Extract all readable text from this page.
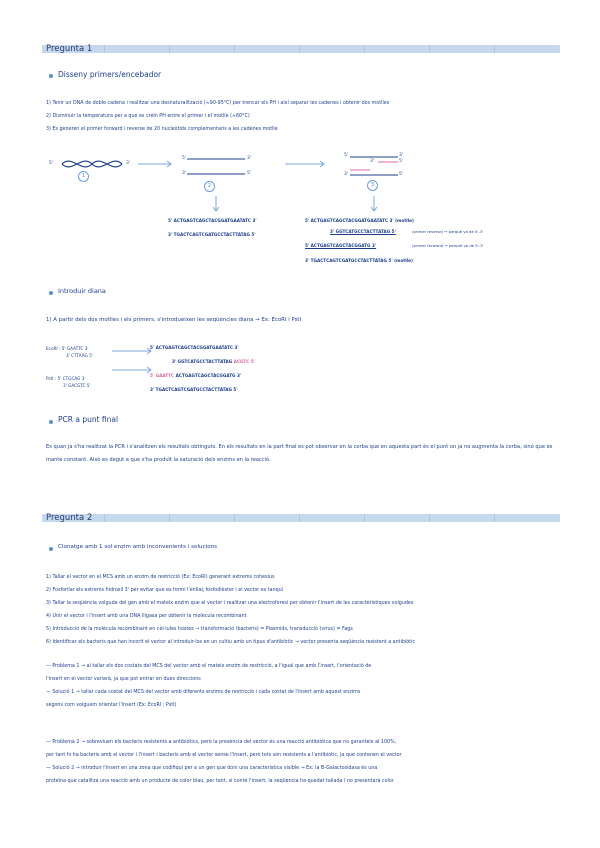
Pregunta 1
Disseny primers/encebador
1) Tenir un DNA de doble cadena i realitzar una desnaturalització (≈90-95°C) per trencar els PH i així separar les cadenes i obtenir dos motlles
2) Disminuir la temperatura per a que es creïn PH entre el primer i el motlle (≈60°C)
3) Es generen el primer forward i reverse de 20 nucleòtids complementaris a les cadenes motlle
5'	3'
1
5'	3'
3'	5'
2
5'	3'
3'	5'
3'	5'
3
5' ACTGAGTCAGCTACGGATGAATATC 3'
3' TGACTCAGTCGATGCCTACTTATAG 5'
5' ACTGAGTCAGCTACGGATGAATATC 3' (motlle)
3' GGTCATGCCTACTTATAG 5'	(primer reverse) → perquè va de 5'-3'
5' ACTGAGTCAGCTACGGATG 3'	(primer forward) → perquè va de 5'-3'
3' TGACTCAGTCGATGCCTACTTATAG 5' (motlle)
Introduir diana
1) A partir dels dos motlles i els primers, s'introdueixen les seqüències diana → Ex: EcoRI i PstI
EcoRI : 5' GAATTC 3'
3' CTTAAG 5'
PstI : 5' CTGCAG 3'
3' GACGTC 5'
5' ACTGAGTCAGCTACGGATGAATATC 3'
3' GGTCATGCCTACTTATAG ACGTC 5'
5' GAATTC ACTGAGTCAGCTACGGATG 3'
3' TGACTCAGTCGATGCCTACTTATAG 5'
PCR a punt final
Es quan ja s'ha realitzat la PCR i s'analitzen els resultats obtinguts. En els resultats en la part final es pot observar en la corba que en aquesta part és el punt on ja no augmenta la corba, sinó que es manté constant. Això es degut a que s'ha produït la saturació dels enzims en la reacció.
Pregunta 2
Clonatge amb 1 sol enzim amb inconvenients i solucions
1) Tallar el vector en el MCS amb un enzim de restricció (Ex: EcoRI) generant extrems cohesius
2) Fosforilar els extrems hidroxil 3' per evitar que es formi l'enllaç fosfodièster i el vector es tanqui
3) Tallar la seqüència volguda del gen amb el mateix enzim que el vector i realitzar una electroforesi per obtenir l'insert de les característiques volgudes
4) Unir el vector i l'insert amb una DNA lligasa per obtenir la molècula recombinant
5) Introducció de la molècula recombinant en cèl·lules hostes → transformació (bacteris) = Plasmids, transducció (virus) = Fags
6) Identificar els bacteris que han incorit el vector al introduir-los en un cultiu amb un tipus d'antibiòtic → vector presenta seqüència resistent a antibiòtic
— Problema 1 → al tallar els dos costats del MCS del vector amb el mateix enzim de restricció, a l'igual que amb l'insert, l'orientació de
l'insert en el vector variarà, ja que pot entrar en dues direccions
— Solució 1 → tallar cada costat del MCS del vector amb diferents enzims de restricció i cada costat de l'insert amb aquest enzims
segons com volguem orientar l'insert (Ex: EcoRI ; PstI)
— Problema 2 → sobreviuen els bacteris resistents a antibiòtics, però la presència del vector és una reacció antibiòtica que no garanteix al 100%,
per tant hi ha bacteris amb el vector i l'insert i bacteris amb el vector sense l'insert, però tots són resistents a l'antibiòtic, ja que contenen el vector
— Solució 2 → introduir l'insert en una zona que codifiqui per a un gen que doni una característica visible → Ex: la B-Galactosidasa és una
proteïna que catalitza una reacció amb un producte de color blau, per tant, si conté l'insert, la seqüència ha quedat tallada i no presentarà color
